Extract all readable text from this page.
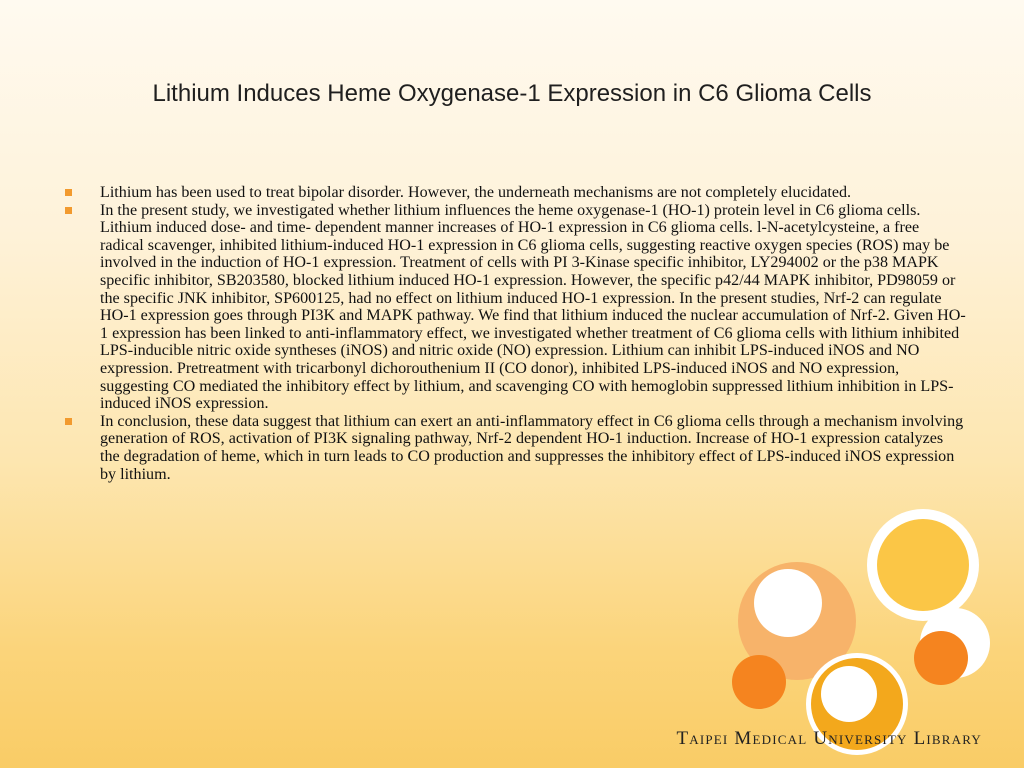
Lithium Induces Heme Oxygenase-1 Expression in C6 Glioma Cells
Lithium has been used to treat bipolar disorder. However, the underneath mechanisms are not completely elucidated.
In the present study, we investigated whether lithium influences the heme oxygenase-1 (HO-1) protein level in C6 glioma cells. Lithium induced dose- and time- dependent manner increases of HO-1 expression in C6 glioma cells. l-N-acetylcysteine, a free radical scavenger, inhibited lithium-induced HO-1 expression in C6 glioma cells, suggesting reactive oxygen species (ROS) may be involved in the induction of HO-1 expression. Treatment of cells with PI 3-Kinase specific inhibitor, LY294002 or the p38 MAPK specific inhibitor, SB203580, blocked lithium induced HO-1 expression. However, the specific p42/44 MAPK inhibitor, PD98059 or the specific JNK inhibitor, SP600125, had no effect on lithium induced HO-1 expression. In the present studies, Nrf-2 can regulate HO-1 expression goes through PI3K and MAPK pathway. We find that lithium induced the nuclear accumulation of Nrf-2. Given HO-1 expression has been linked to anti-inflammatory effect, we investigated whether treatment of C6 glioma cells with lithium inhibited LPS-inducible nitric oxide syntheses (iNOS) and nitric oxide (NO) expression. Lithium can inhibit LPS-induced iNOS and NO expression. Pretreatment with tricarbonyl dichorouthenium II (CO donor), inhibited LPS-induced iNOS and NO expression, suggesting CO mediated the inhibitory effect by lithium, and scavenging CO with hemoglobin suppressed lithium inhibition in LPS-induced iNOS expression.
In conclusion, these data suggest that lithium can exert an anti-inflammatory effect in C6 glioma cells through a mechanism involving generation of ROS, activation of PI3K signaling pathway, Nrf-2 dependent HO-1 induction. Increase of HO-1 expression catalyzes the degradation of heme, which in turn leads to CO production and suppresses the inhibitory effect of LPS-induced iNOS expression by lithium.

Taipei Medical University Library
